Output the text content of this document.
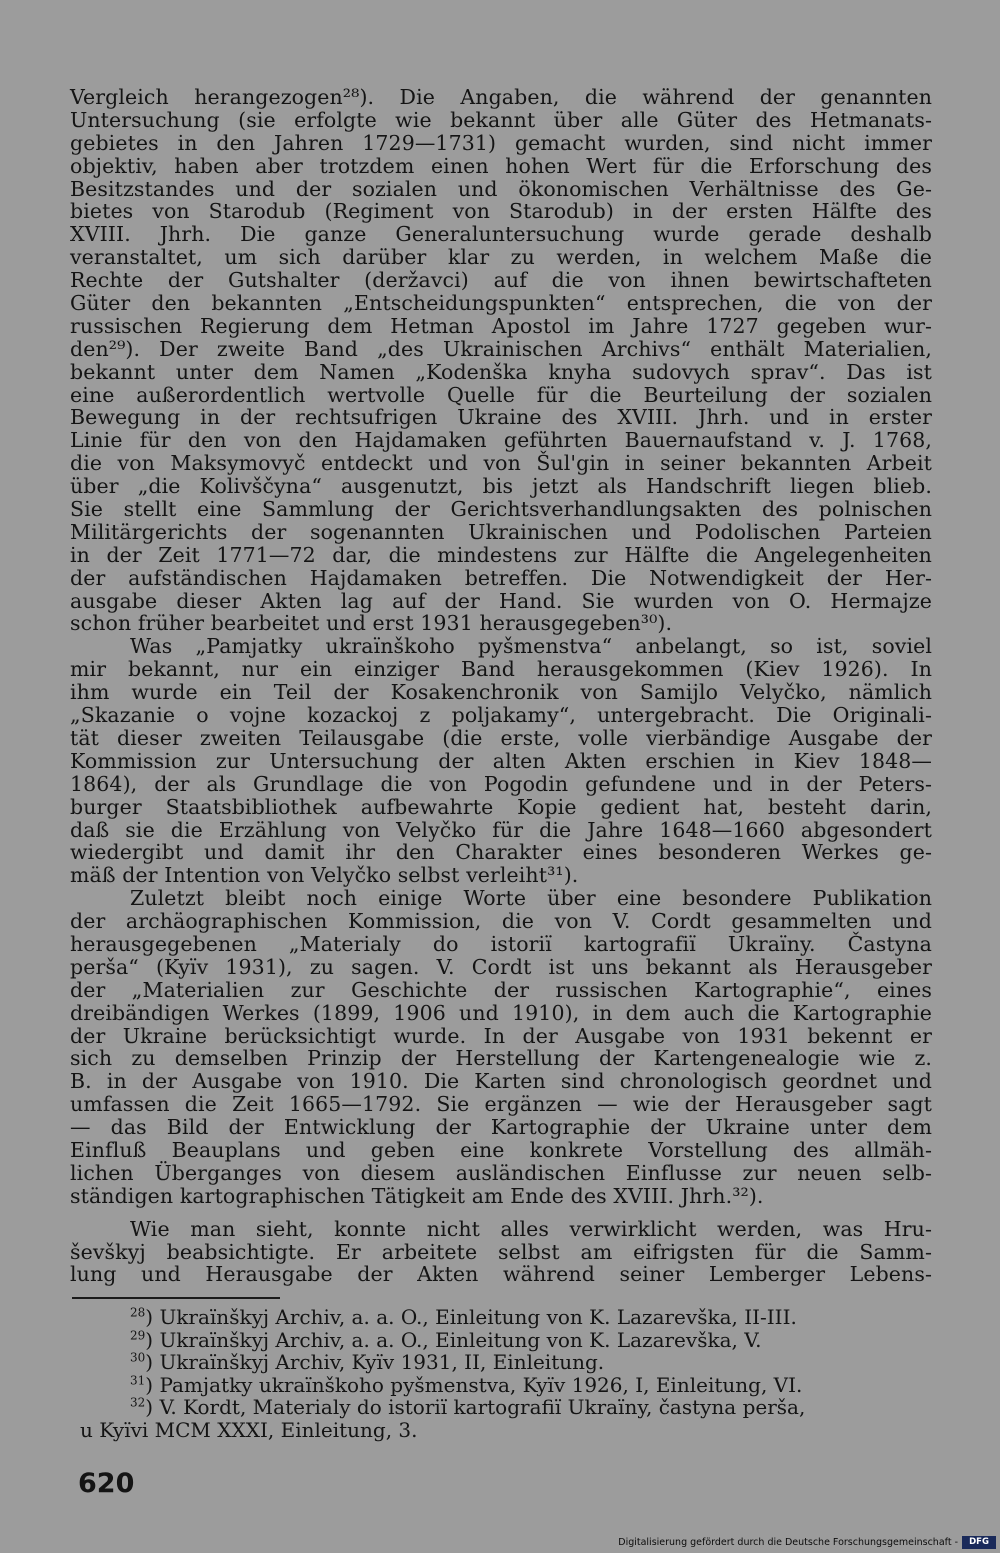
Vergleich herangezogen²⁸). Die Angaben, die während der genannten
Untersuchung (sie erfolgte wie bekannt über alle Güter des Hetmanats-
gebietes in den Jahren 1729—1731) gemacht wurden, sind nicht immer
objektiv, haben aber trotzdem einen hohen Wert für die Erforschung des
Besitzstandes und der sozialen und ökonomischen Verhältnisse des Ge-
bietes von Starodub (Regiment von Starodub) in der ersten Hälfte des
XVIII. Jhrh. Die ganze Generaluntersuchung wurde gerade deshalb
veranstaltet, um sich darüber klar zu werden, in welchem Maße die
Rechte der Gutshalter (deržavci) auf die von ihnen bewirtschafteten
Güter den bekannten „Entscheidungspunkten“ entsprechen, die von der
russischen Regierung dem Hetman Apostol im Jahre 1727 gegeben wur-
den²⁹). Der zweite Band „des Ukrainischen Archivs“ enthält Materialien,
bekannt unter dem Namen „Kodenška knyha sudovych sprav“. Das ist
eine außerordentlich wertvolle Quelle für die Beurteilung der sozialen
Bewegung in der rechtsufrigen Ukraine des XVIII. Jhrh. und in erster
Linie für den von den Hajdamaken geführten Bauernaufstand v. J. 1768,
die von Maksymovyč entdeckt und von Šul'gin in seiner bekannten Arbeit
über „die Kolivščyna“ ausgenutzt, bis jetzt als Handschrift liegen blieb.
Sie stellt eine Sammlung der Gerichtsverhandlungsakten des polnischen
Militärgerichts der sogenannten Ukrainischen und Podolischen Parteien
in der Zeit 1771—72 dar, die mindestens zur Hälfte die Angelegenheiten
der aufständischen Hajdamaken betreffen. Die Notwendigkeit der Her-
ausgabe dieser Akten lag auf der Hand. Sie wurden von O. Hermajze
schon früher bearbeitet und erst 1931 herausgegeben³⁰).
Was „Pamjatky ukraïnškoho pyšmenstva“ anbelangt, so ist, soviel
mir bekannt, nur ein einziger Band herausgekommen (Kiev 1926). In
ihm wurde ein Teil der Kosakenchronik von Samijlo Velyčko, nämlich
„Skazanie o vojne kozackoj z poljakamy“, untergebracht. Die Originali-
tät dieser zweiten Teilausgabe (die erste, volle vierbändige Ausgabe der
Kommission zur Untersuchung der alten Akten erschien in Kiev 1848—
1864), der als Grundlage die von Pogodin gefundene und in der Peters-
burger Staatsbibliothek aufbewahrte Kopie gedient hat, besteht darin,
daß sie die Erzählung von Velyčko für die Jahre 1648—1660 abgesondert
wiedergibt und damit ihr den Charakter eines besonderen Werkes ge-
mäß der Intention von Velyčko selbst verleiht³¹).
Zuletzt bleibt noch einige Worte über eine besondere Publikation
der archäographischen Kommission, die von V. Cordt gesammelten und
herausgegebenen „Materialy do istoriï kartografiï Ukraïny. Častyna
perša“ (Kyïv 1931), zu sagen. V. Cordt ist uns bekannt als Herausgeber
der „Materialien zur Geschichte der russischen Kartographie“, eines
dreibändigen Werkes (1899, 1906 und 1910), in dem auch die Kartographie
der Ukraine berücksichtigt wurde. In der Ausgabe von 1931 bekennt er
sich zu demselben Prinzip der Herstellung der Kartengenealogie wie z.
B. in der Ausgabe von 1910. Die Karten sind chronologisch geordnet und
umfassen die Zeit 1665—1792. Sie ergänzen — wie der Herausgeber sagt
— das Bild der Entwicklung der Kartographie der Ukraine unter dem
Einfluß Beauplans und geben eine konkrete Vorstellung des allmäh-
lichen Überganges von diesem ausländischen Einflusse zur neuen selb-
ständigen kartographischen Tätigkeit am Ende des XVIII. Jhrh.³²).
Wie man sieht, konnte nicht alles verwirklicht werden, was Hru-
ševškyj beabsichtigte. Er arbeitete selbst am eifrigsten für die Samm-
lung und Herausgabe der Akten während seiner Lemberger Lebens-
$^{28}$) Ukraïnškyj Archiv, a. a. O., Einleitung von K. Lazarevška, II-III.
$^{29}$) Ukraïnškyj Archiv, a. a. O., Einleitung von K. Lazarevška, V.
$^{30}$) Ukraïnškyj Archiv, Kyïv 1931, II, Einleitung.
$^{31}$) Pamjatky ukraïnškoho pyšmenstva, Kyïv 1926, I, Einleitung, VI.
$^{32}$) V. Kordt, Materialy do istoriï kartografiï Ukraïny, častyna perša,
u Kyïvi MCM XXXI, Einleitung, 3.
620
Digitalisierung gefördert durch die Deutsche Forschungsgemeinschaft -	DFG
